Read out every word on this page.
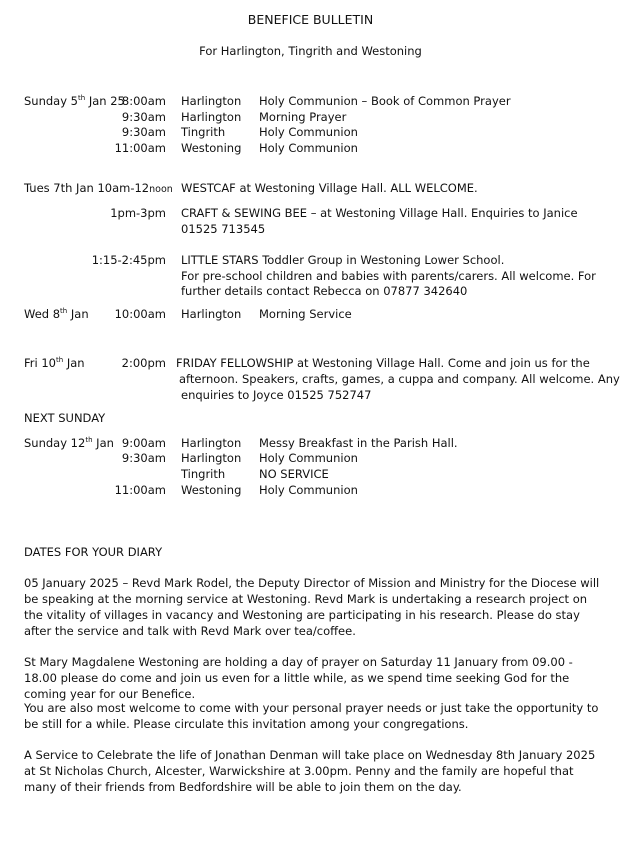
BENEFICE BULLETIN
For Harlington, Tingrith and Westoning
Sunday 5th Jan 25
8:00am Harlington Holy Communion – Book of Common Prayer
9:30am Harlington Morning Prayer
9:30am Tingrith	Holy Communion
11:00am Westoning Holy Communion
Tues 7th Jan 10am-12noon WESTCAF at Westoning Village Hall. ALL WELCOME.
1pm-3pm CRAFT & SEWING BEE – at Westoning Village Hall. Enquiries to Janice
01525 713545
1:15-2:45pm LITTLE STARS Toddler Group in Westoning Lower School.
For pre-school children and babies with parents/carers. All welcome. For
further details contact Rebecca on 07877 342640
Wed 8th Jan	10:00am Harlington Morning Service
Fri 10th Jan	2:00pm FRIDAY FELLOWSHIP at Westoning Village Hall. Come and join us for the
afternoon. Speakers, crafts, games, a cuppa and company. All welcome. Any
enquiries to Joyce 01525 752747
NEXT SUNDAY
Sunday 12th Jan 9:00am Harlington Messy Breakfast in the Parish Hall.
9:30am Harlington Holy Communion
Tingrith	NO SERVICE
11:00am Westoning Holy Communion
DATES FOR YOUR DIARY
05 January 2025 – Revd Mark Rodel, the Deputy Director of Mission and Ministry for the Diocese will be speaking at the morning service at Westoning. Revd Mark is undertaking a research project on the vitality of villages in vacancy and Westoning are participating in his research. Please do stay after the service and talk with Revd Mark over tea/coffee.
St Mary Magdalene Westoning are holding a day of prayer on Saturday 11 January from 09.00 - 18.00 please do come and join us even for a little while, as we spend time seeking God for the coming year for our Benefice.
You are also most welcome to come with your personal prayer needs or just take the opportunity to be still for a while. Please circulate this invitation among your congregations.
A Service to Celebrate the life of Jonathan Denman will take place on Wednesday 8th January 2025 at St Nicholas Church, Alcester, Warwickshire at 3.00pm. Penny and the family are hopeful that many of their friends from Bedfordshire will be able to join them on the day.
